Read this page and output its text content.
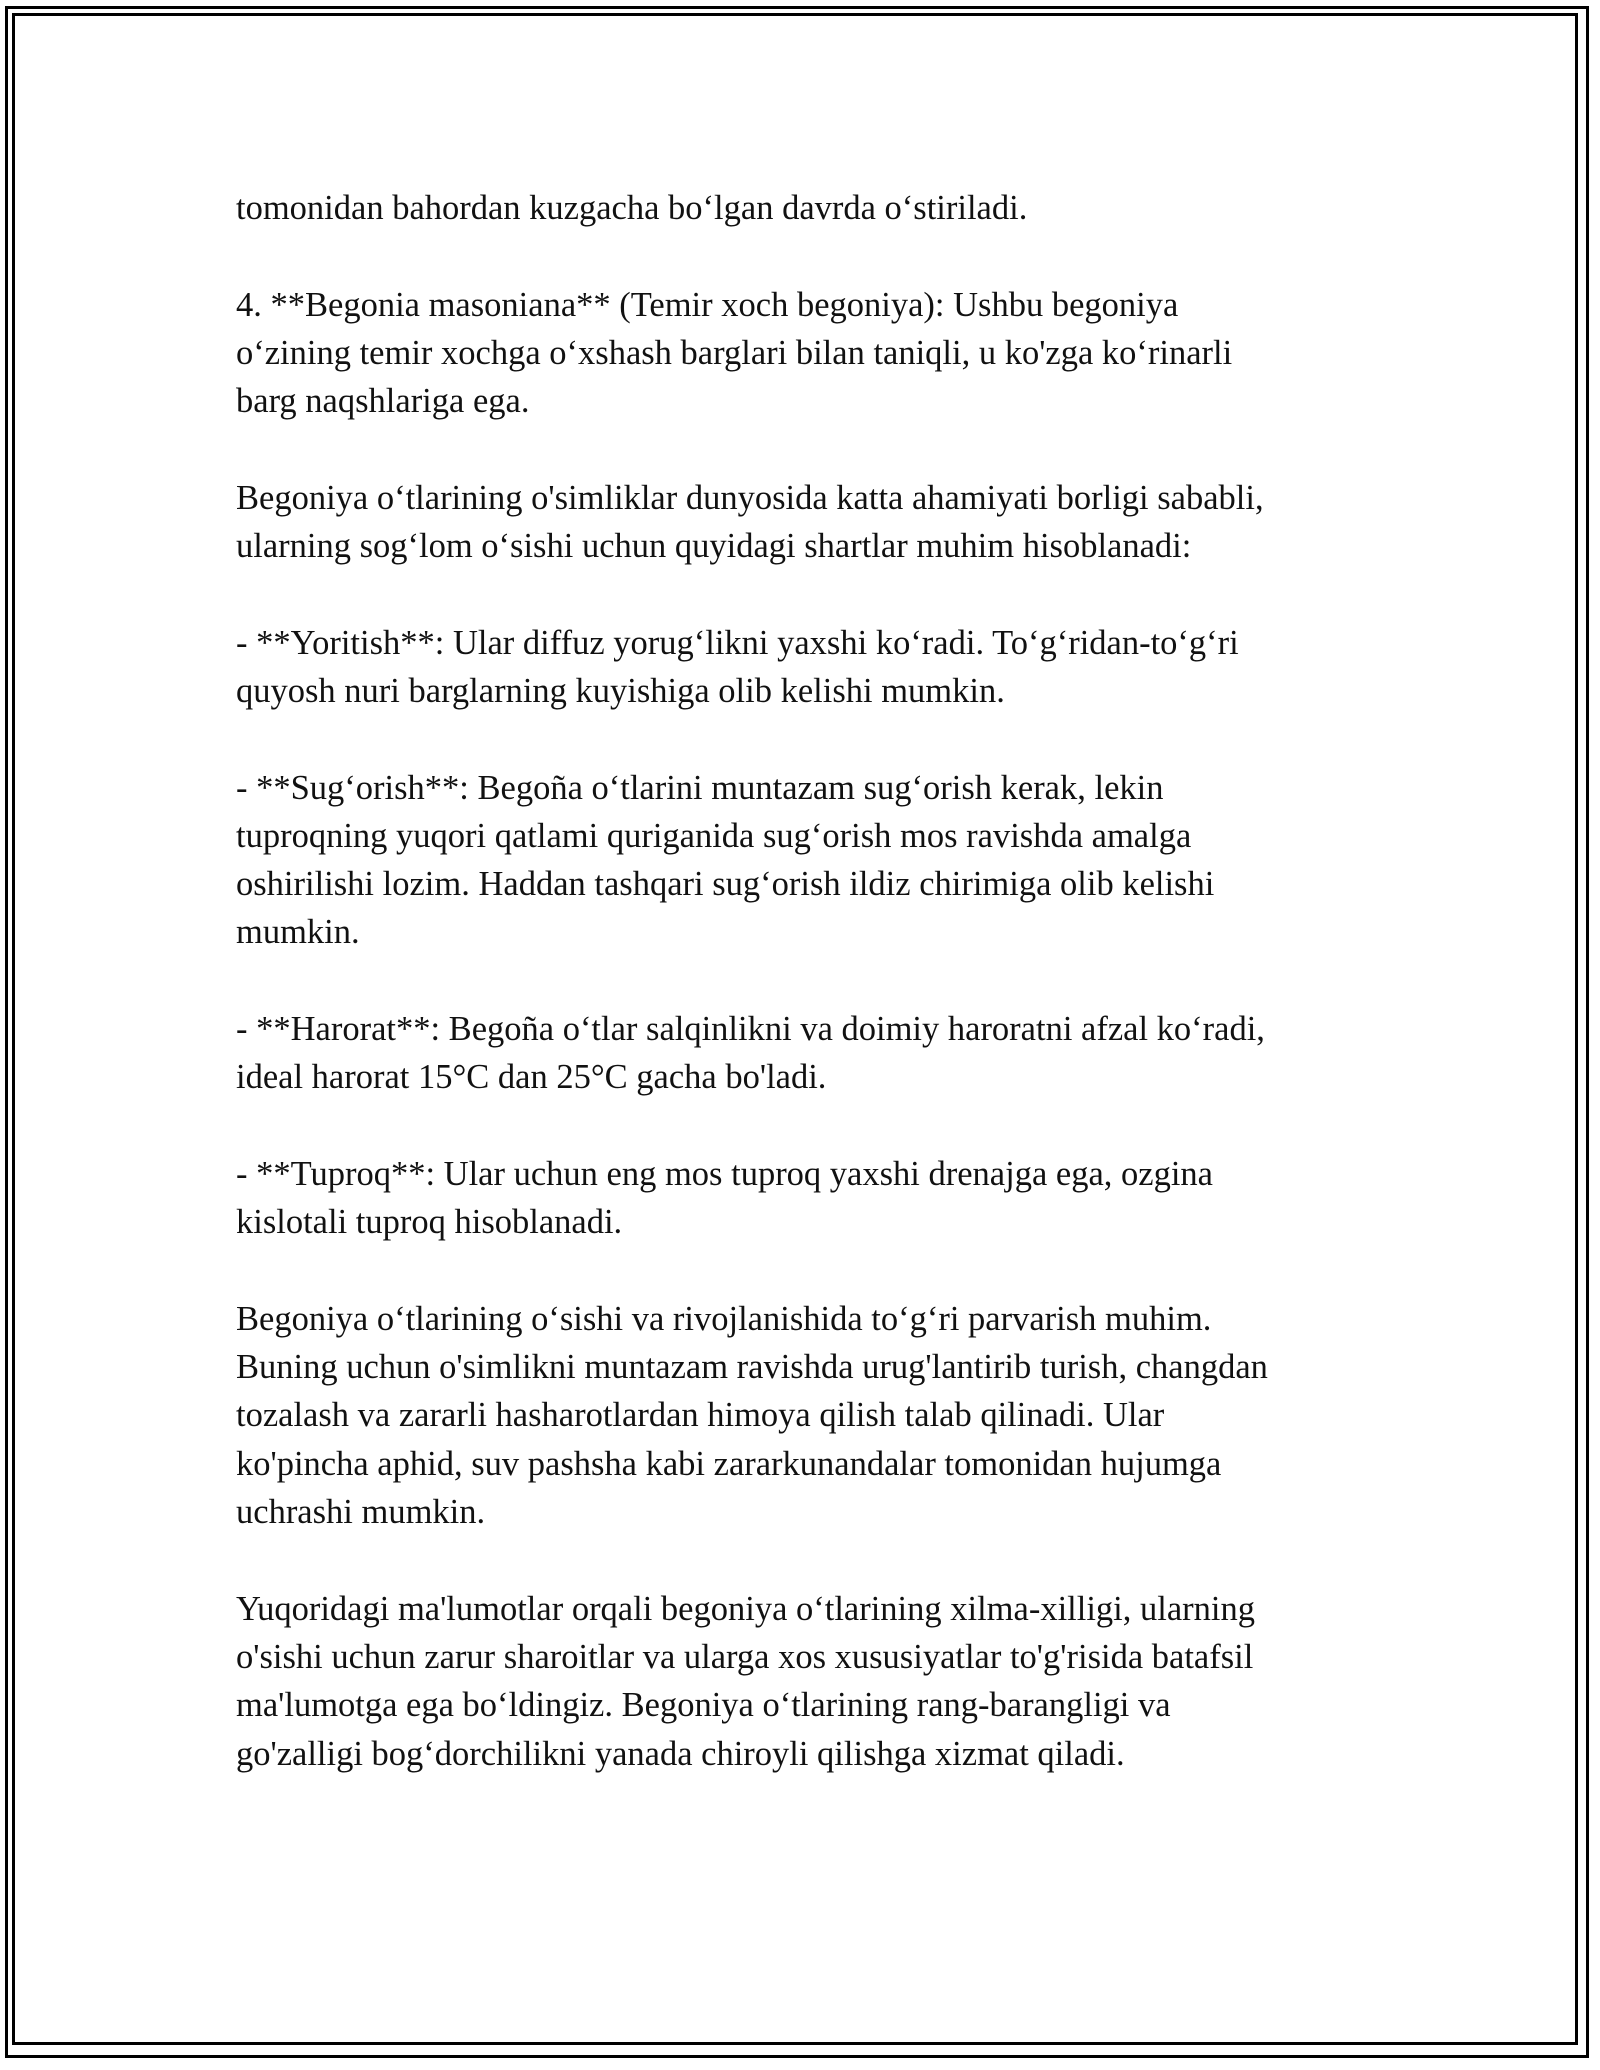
tomonidan bahordan kuzgacha bo‘lgan davrda o‘stiriladi.

4. **Begonia masoniana** (Temir xoch begoniya): Ushbu begoniya
o‘zining temir xochga o‘xshash barglari bilan taniqli, u ko'zga ko‘rinarli
barg naqshlariga ega.

Begoniya o‘tlarining o'simliklar dunyosida katta ahamiyati borligi sababli,
ularning sog‘lom o‘sishi uchun quyidagi shartlar muhim hisoblanadi:

- **Yoritish**: Ular diffuz yorug‘likni yaxshi ko‘radi. To‘g‘ridan-to‘g‘ri
quyosh nuri barglarning kuyishiga olib kelishi mumkin.

- **Sug‘orish**: Begoña o‘tlarini muntazam sug‘orish kerak, lekin
tuproqning yuqori qatlami quriganida sug‘orish mos ravishda amalga
oshirilishi lozim. Haddan tashqari sug‘orish ildiz chirimiga olib kelishi
mumkin.

- **Harorat**: Begoña o‘tlar salqinlikni va doimiy haroratni afzal ko‘radi,
ideal harorat 15°C dan 25°C gacha bo'ladi.

- **Tuproq**: Ular uchun eng mos tuproq yaxshi drenajga ega, ozgina
kislotali tuproq hisoblanadi.

Begoniya o‘tlarining o‘sishi va rivojlanishida to‘g‘ri parvarish muhim.
Buning uchun o'simlikni muntazam ravishda urug'lantirib turish, changdan
tozalash va zararli hasharotlardan himoya qilish talab qilinadi. Ular
ko'pincha aphid, suv pashsha kabi zararkunandalar tomonidan hujumga
uchrashi mumkin.

Yuqoridagi ma'lumotlar orqali begoniya o‘tlarining xilma-xilligi, ularning
o'sishi uchun zarur sharoitlar va ularga xos xususiyatlar to'g'risida batafsil
ma'lumotga ega bo‘ldingiz. Begoniya o‘tlarining rang-barangligi va
go'zalligi bog‘dorchilikni yanada chiroyli qilishga xizmat qiladi.
